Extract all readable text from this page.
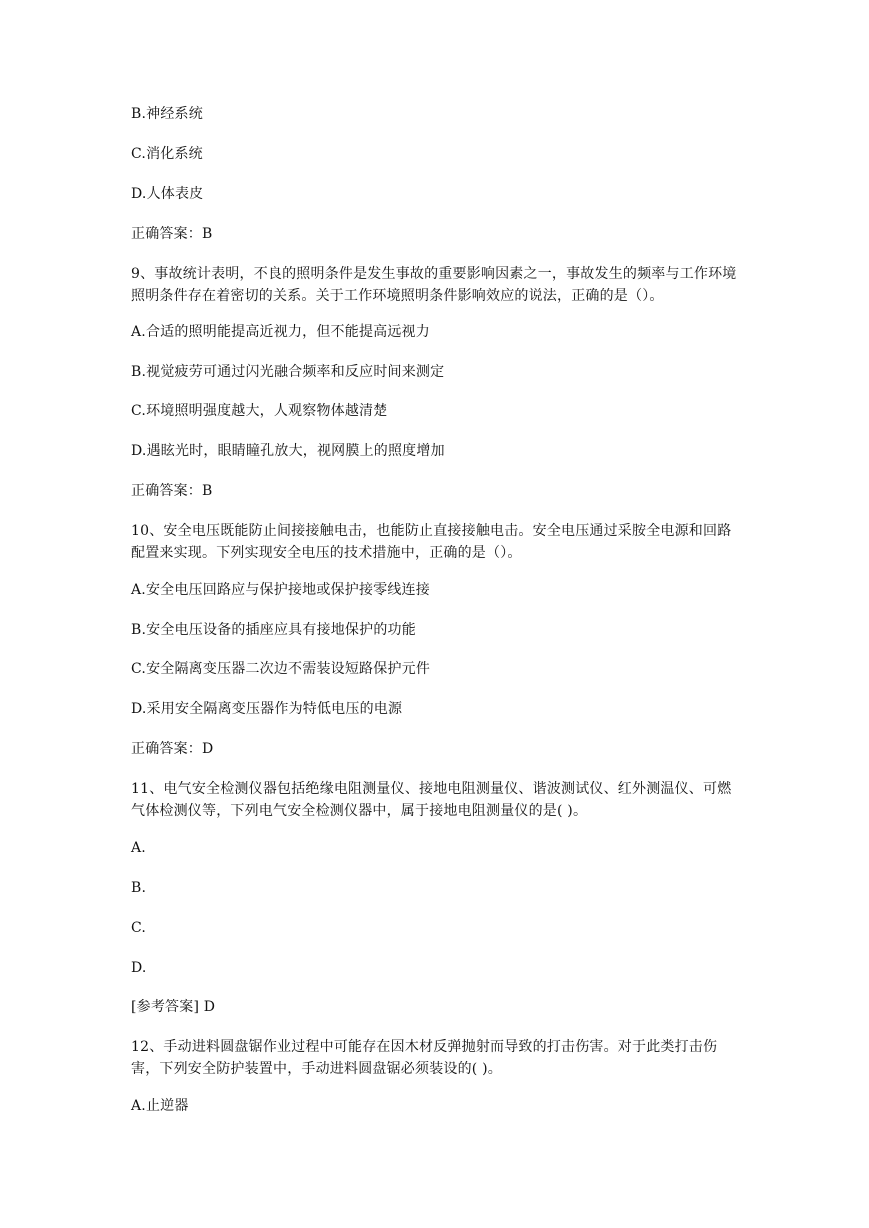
B.神经系统
C.消化系统
D.人体表皮
正确答案：B
9、事故统计表明，不良的照明条件是发生事故的重要影响因素之一，事故发生的频率与工作环境照明条件存在着密切的关系。关于工作环境照明条件影响效应的说法，正确的是（）。
A.合适的照明能提高近视力，但不能提高远视力
B.视觉疲劳可通过闪光融合频率和反应时间来测定
C.环境照明强度越大，人观察物体越清楚
D.遇眩光时，眼睛瞳孔放大，视网膜上的照度增加
正确答案：B
10、安全电压既能防止间接接触电击，也能防止直接接触电击。安全电压通过采胺全电源和回路配置来实现。下列实现安全电压的技术措施中，正确的是（）。
A.安全电压回路应与保护接地或保护接零线连接
B.安全电压设备的插座应具有接地保护的功能
C.安全隔离变压器二次边不需装设短路保护元件
D.采用安全隔离变压器作为特低电压的电源
正确答案：D
11、电气安全检测仪器包括绝缘电阻测量仪、接地电阻测量仪、谐波测试仪、红外测温仪、可燃气体检测仪等，下列电气安全检测仪器中，属于接地电阻测量仪的是( )。
A.
B.
C.
D.
[参考答案] D
12、手动进料圆盘锯作业过程中可能存在因木材反弹抛射而导致的打击伤害。对于此类打击伤害，下列安全防护装置中，手动进料圆盘锯必须装设的( )。
A.止逆器
